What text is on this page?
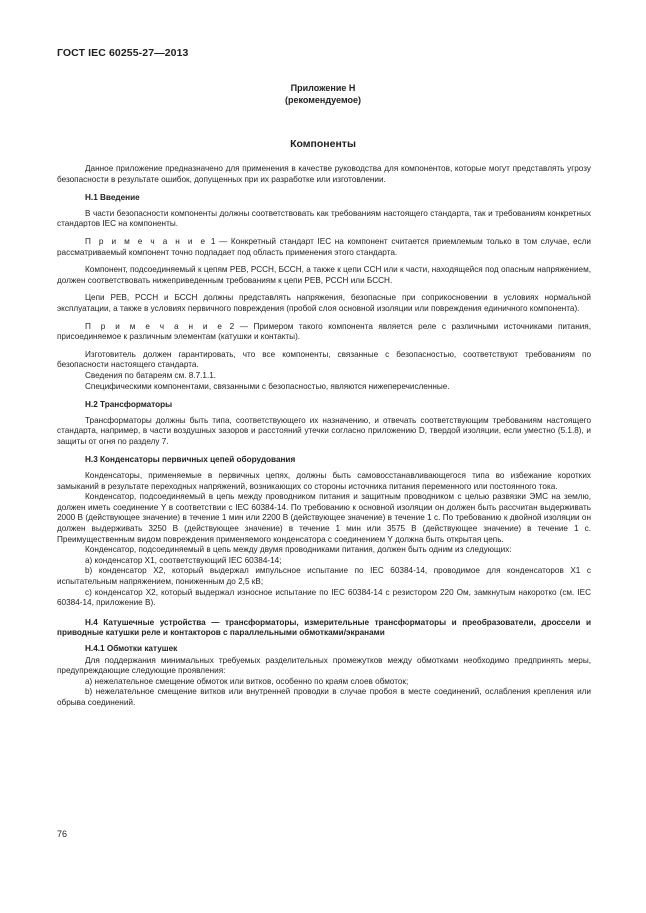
ГОСТ IEC 60255-27—2013
Приложение Н
(рекомендуемое)
Компоненты

Данное приложение предназначено для применения в качестве руководства для компонентов, которые могут представлять угрозу безопасности в результате ошибок, допущенных при их разработке или изготовлении.

Н.1 Введение

В части безопасности компоненты должны соответствовать как требованиям настоящего стандарта, так и требованиям конкретных стандартов IEC на компоненты.

П р и м е ч а н и е 1 — Конкретный стандарт IEC на компонент считается приемлемым только в том случае, если рассматриваемый компонент точно подпадает под область применения этого стандарта.

Компонент, подсоединяемый к цепям РЕВ, РССН, БССН, а также к цепи ССН или к части, находящейся под опасным напряжением, должен соответствовать нижеприведенным требованиям к цепи РЕВ, РССН или БССН.

Цепи РЕВ, РССН и БССН должны представлять напряжения, безопасные при соприкосновении в условиях нормальной эксплуатации, а также в условиях первичного повреждения (пробой слоя основной изоляции или повреждения единичного компонента).

П р и м е ч а н и е 2 — Примером такого компонента является реле с различными источниками питания, присоединяемое к различным элементам (катушки и контакты).

Изготовитель должен гарантировать, что все компоненты, связанные с безопасностью, соответствуют требованиям по безопасности настоящего стандарта.

Сведения по батареям см. 8.7.1.1.

Специфическими компонентами, связанными с безопасностью, являются нижеперечисленные.

Н.2 Трансформаторы

Трансформаторы должны быть типа, соответствующего их назначению, и отвечать соответствующим требованиям настоящего стандарта, например, в части воздушных зазоров и расстояний утечки согласно приложению D, твердой изоляции, если уместно (5.1.8), и защиты от огня по разделу 7.

Н.3 Конденсаторы первичных цепей оборудования

Конденсаторы, применяемые в первичных цепях, должны быть самовосстанавливающегося типа во избежание коротких замыканий в результате переходных напряжений, возникающих со стороны источника питания переменного или постоянного тока.

Конденсатор, подсоединяемый в цепь между проводником питания и защитным проводником с целью развязки ЭМС на землю, должен иметь соединение Y в соответствии с IEC 60384-14. По требованию к основной изоляции он должен быть рассчитан выдерживать 2000 В (действующее значение) в течение 1 мин или 2200 В (действующее значение) в течение 1 с. По требованию к двойной изоляции он должен выдерживать 3250 В (действующее значение) в течение 1 мин или 3575 В (действующее значение) в течение 1 с. Преимущественным видом повреждения применяемого конденсатора с соединением Y должна быть открытая цепь.

Конденсатор, подсоединяемый в цепь между двумя проводниками питания, должен быть одним из следующих:

а) конденсатор Х1, соответствующий IEC 60384-14;

b) конденсатор Х2, который выдержал импульсное испытание по IEC 60384-14, проводимое для конденсаторов Х1 с испытательным напряжением, пониженным до 2,5 кВ;

c) конденсатор Х2, который выдержал износное испытание по IEC 60384-14 с резистором 220 Ом, замкнутым накоротко (см. IEC 60384-14, приложение В).

Н.4 Катушечные устройства — трансформаторы, измерительные трансформаторы и преобразователи, дроссели и приводные катушки реле и контакторов с параллельными обмотками/экранами
Н.4.1 Обмотки катушек

Для поддержания минимальных требуемых разделительных промежутков между обмотками необходимо предпринять меры, предупреждающие следующие проявления:

а) нежелательное смещение обмоток или витков, особенно по краям слоев обмоток;

b) нежелательное смещение витков или внутренней проводки в случае пробоя в месте соединений, ослабления крепления или обрыва соединений.

76
